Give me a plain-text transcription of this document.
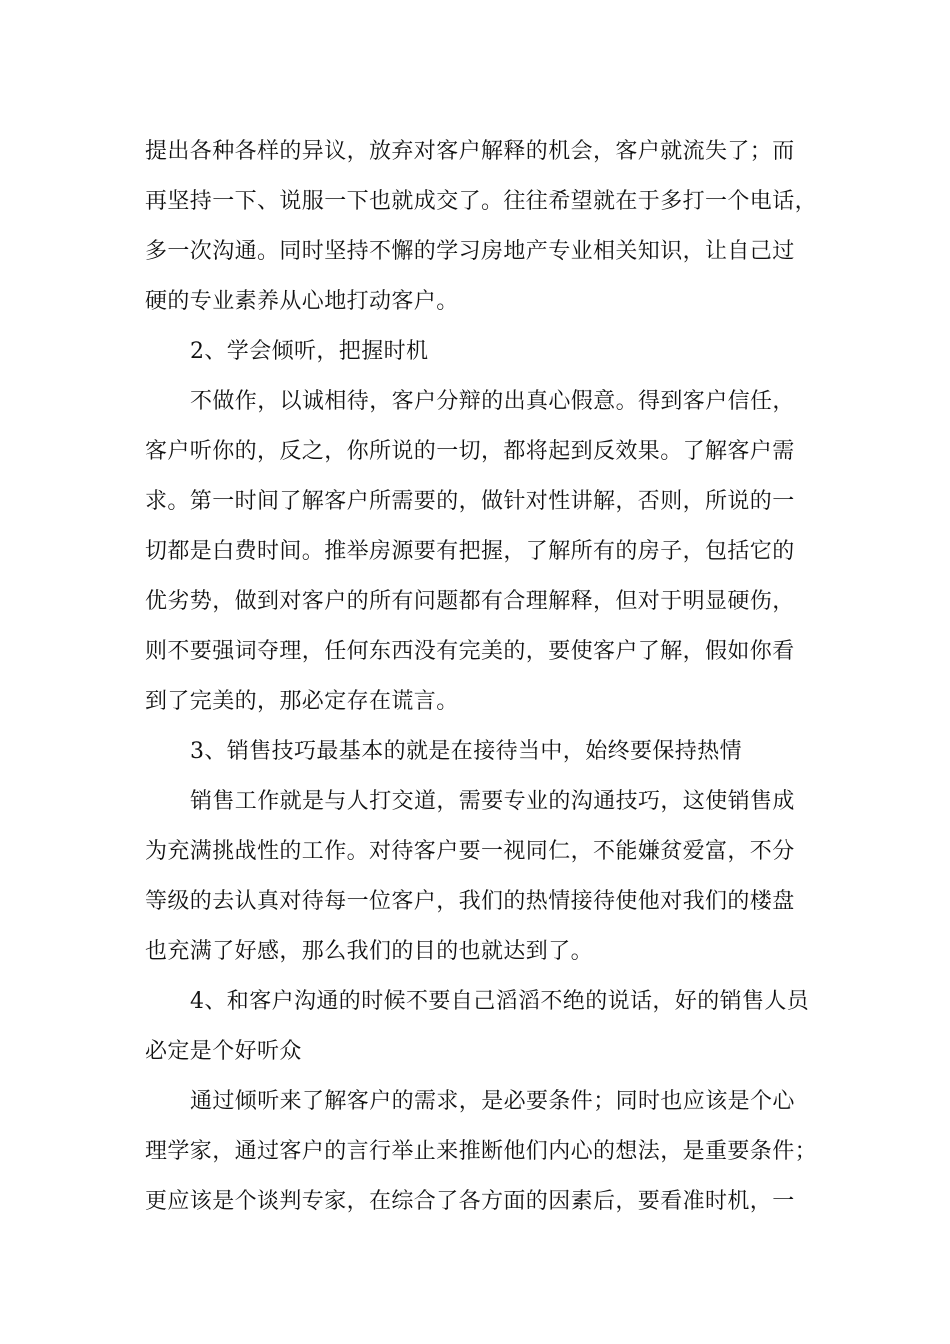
提出各种各样的异议，放弃对客户解释的机会，客户就流失了；而
再坚持一下、说服一下也就成交了。往往希望就在于多打一个电话，
多一次沟通。同时坚持不懈的学习房地产专业相关知识，让自己过
硬的专业素养从心地打动客户。
2、学会倾听，把握时机
不做作，以诚相待，客户分辩的出真心假意。得到客户信任，
客户听你的，反之，你所说的一切，都将起到反效果。了解客户需
求。第一时间了解客户所需要的，做针对性讲解，否则，所说的一
切都是白费时间。推举房源要有把握，了解所有的房子，包括它的
优劣势，做到对客户的所有问题都有合理解释，但对于明显硬伤，
则不要强词夺理，任何东西没有完美的，要使客户了解，假如你看
到了完美的，那必定存在谎言。
3、销售技巧最基本的就是在接待当中，始终要保持热情
销售工作就是与人打交道，需要专业的沟通技巧，这使销售成
为充满挑战性的工作。对待客户要一视同仁，不能嫌贫爱富，不分
等级的去认真对待每一位客户，我们的热情接待使他对我们的楼盘
也充满了好感，那么我们的目的也就达到了。
4、和客户沟通的时候不要自己滔滔不绝的说话，好的销售人员
必定是个好听众
通过倾听来了解客户的需求，是必要条件；同时也应该是个心
理学家，通过客户的言行举止来推断他们内心的想法，是重要条件；
更应该是个谈判专家，在综合了各方面的因素后，要看准时机，一
